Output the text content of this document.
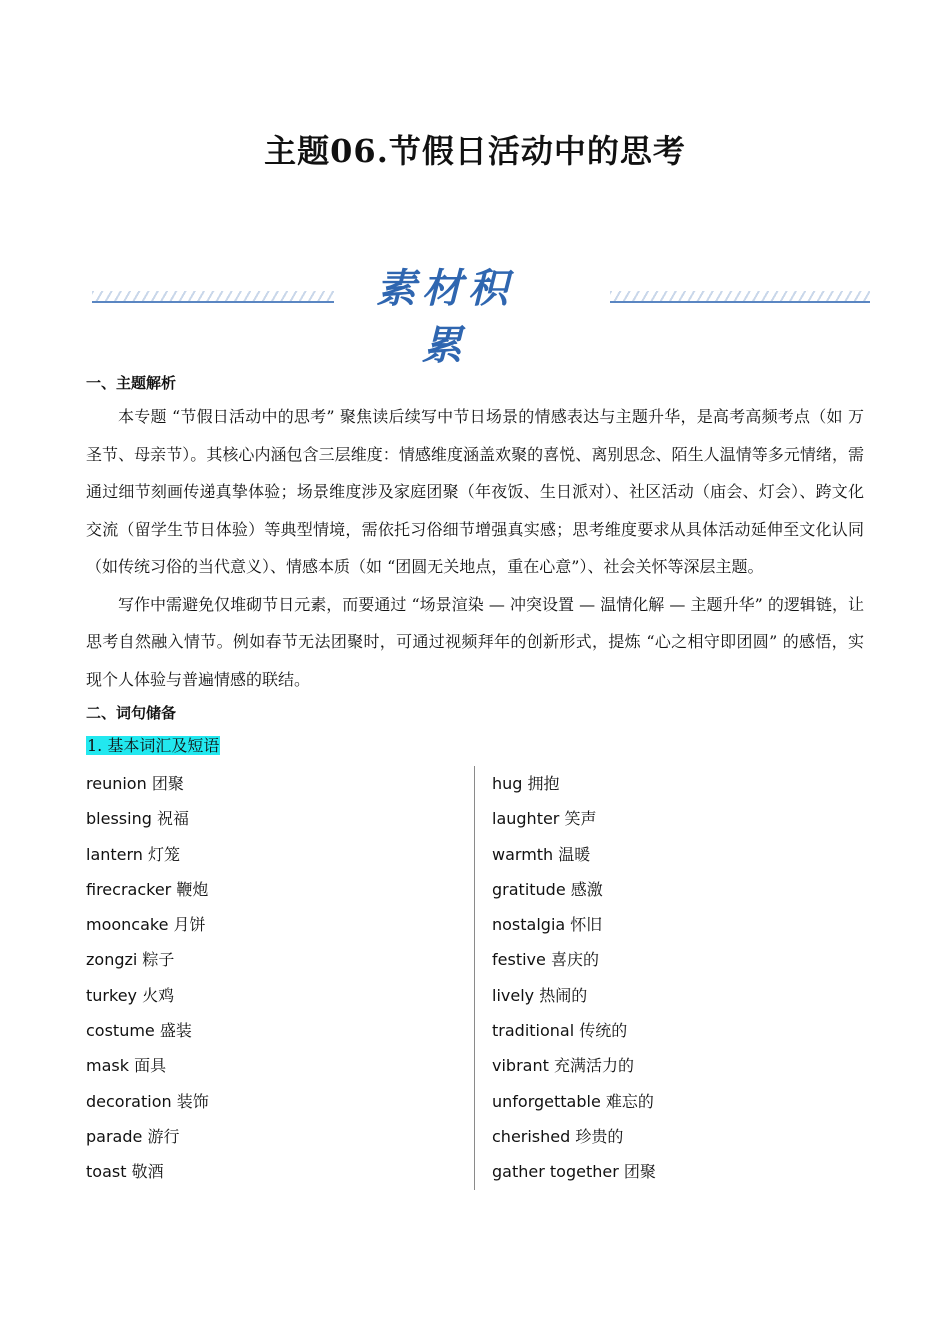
主题06.节假日活动中的思考
素材积累
一、主题解析

本专题 “节假日活动中的思考” 聚焦读后续写中节日场景的情感表达与主题升华，是高考高频考点（如 万圣节、母亲节）。其核心内涵包含三层维度：情感维度涵盖欢聚的喜悦、离别思念、陌生人温情等多元情绪，需通过细节刻画传递真挚体验；场景维度涉及家庭团聚（年夜饭、生日派对）、社区活动（庙会、灯会）、跨文化交流（留学生节日体验）等典型情境，需依托习俗细节增强真实感；思考维度要求从具体活动延伸至文化认同（如传统习俗的当代意义）、情感本质（如 “团圆无关地点，重在心意”）、社会关怀等深层主题。

写作中需避免仅堆砌节日元素，而要通过 “场景渲染 — 冲突设置 — 温情化解 — 主题升华” 的逻辑链，让思考自然融入情节。例如春节无法团聚时，可通过视频拜年的创新形式，提炼 “心之相守即团圆” 的感悟，实现个人体验与普遍情感的联结。

二、词句储备
1. 基本词汇及短语
reunion 团聚
blessing 祝福
lantern 灯笼
firecracker 鞭炮
mooncake 月饼
zongzi 粽子
turkey 火鸡
costume 盛装
mask 面具
decoration 装饰
parade 游行
toast 敬酒
hug 拥抱
laughter 笑声
warmth 温暖
gratitude 感激
nostalgia 怀旧
festive 喜庆的
lively 热闹的
traditional 传统的
vibrant 充满活力的
unforgettable 难忘的
cherished 珍贵的
gather together 团聚
